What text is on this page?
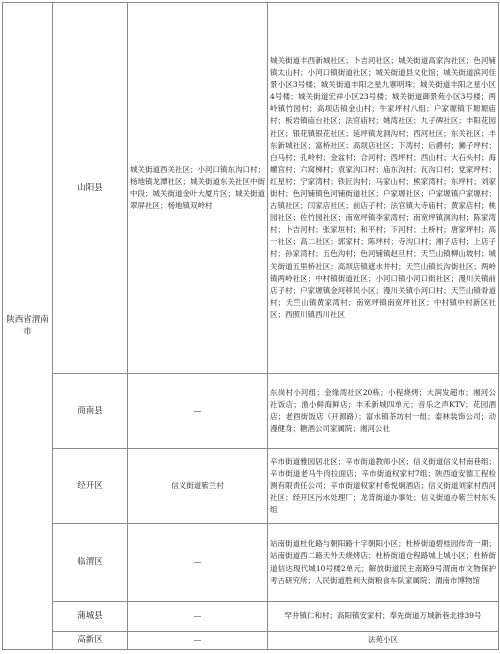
陕西省渭南市	山阳县	城关街道西关社区；小河口镇东沟口村；杨地镇龙潭社区；城关街道东关社区中街中段；城关街道金叶大厦片区；城关街道翠屏社区；杨地镇双岭村	城关街道丰西新城社区；卜吉河社区；城关街道高家沟社区；色河铺镇太山村；小河口镇街道社区；城关街道县文化馆；城关街道滨河佳景小区3号楼；城关街道丰阳之星九寨明珠；城关街道丰阳之星小区4号楼；城关街道宏祥小区23号楼；城关街道御景苑小区3号楼；两岭镇竹园村；高坝店镇金山村；牛家坪村八组；户家塬镇下塬塬庙村；板岩镇庙台社区；法官庙村；姚湾社区；九子碑社区；丰阳花园社区；银花镇银花社区；延坪镇龙洞沟村；西河社区；东关社区；丰东新城社区；富桥社区；高坝店社区；下湾村；后爵村；狮子坪村；白马村；孔岭村；金盆村；合河村；西坪村；西山村；大石头村；海螺宫村；六窝梯村；袁家沟口村；庙东沟村；瓦沟口村；党家坪村；红星村；宁家湾村；铁匠沟村；马家山村；熊家湾村；东坪村；刘家街村；色河铺镇色河铺街道社区；户家塬社区；户家塬镇户家塬村；古镇社区；闫家店社区；前店子村；法官镇大寺庙村；黄家店村；桃园社区；佐竹园社区；南宽坪镇李家湾村；南宽坪镇洞沟村；陈家湾村；卜吉河村；张家垣村；和平村；下河村；土桥村；唐家坪村；高一社区；高二社区；郭家村；陈坪村；寺沟口村；湘子店村；上店子村；孙家湾村；五色沟村；色河铺镇赵旦村；天竺山镇柳山坡村；城关街道五里桥社区；高坝店镇遮水井村；天竺山镇长沟街社区；两岭镇两岭社区；中村镇街道社区；小河口镇小河口街社区；漫川关镇前店子村；户家塬镇金河移民小区；漫川关镇小河口村；天竺山镇骨道村；天竺山镇黄家湾村；南宽坪镇南宽坪社区；中村镇中村新区社区；西照川镇西川社区
	商南县	—	东岗村小河组；金缘湾社区20栋；小程烧烤；大润发超市；湘河公社饭店；渔小鲜海鲜店；丰禾新城四单元；音乐之声KTV；花园酒店；老酉街饭店（开源路）；富水镇茶坊村一组；泰林装饰公司；动漫健身；糖酒公司家属院；湘河公社
	经开区	信义街道紫兰村	辛市街道雅园居北区；辛市街道教师小区；信义街道信义村南巷组；辛市街道老马牛肉拉面店；辛市街道权家村7组；陕西道安德工程检测有限责任公司；辛市街道权家村希悦炯酒店；信义街道刘家村西河社区；经开区污水处理厂；龙背街道办事处；信义街道办紫兰村东头组
	临渭区	—	站南街道杜化路与朝阳路十字朝阳小区；杜桥街道碧桂园传奇一期；站南街道西二路天外天烧烤店；杜桥街道仓程路城上城小区；杜桥街道信达现代城10号楼2单元；解放街道民主南路9号渭南市文物保护考古研究所；人民街道胜利大街粮食车队家属院；渭南市博物馆
	蒲城县	—	罕井镇仁和村；高阳镇安家村；奉先街道万城新巷北排39号
	高新区	—	法苑小区
